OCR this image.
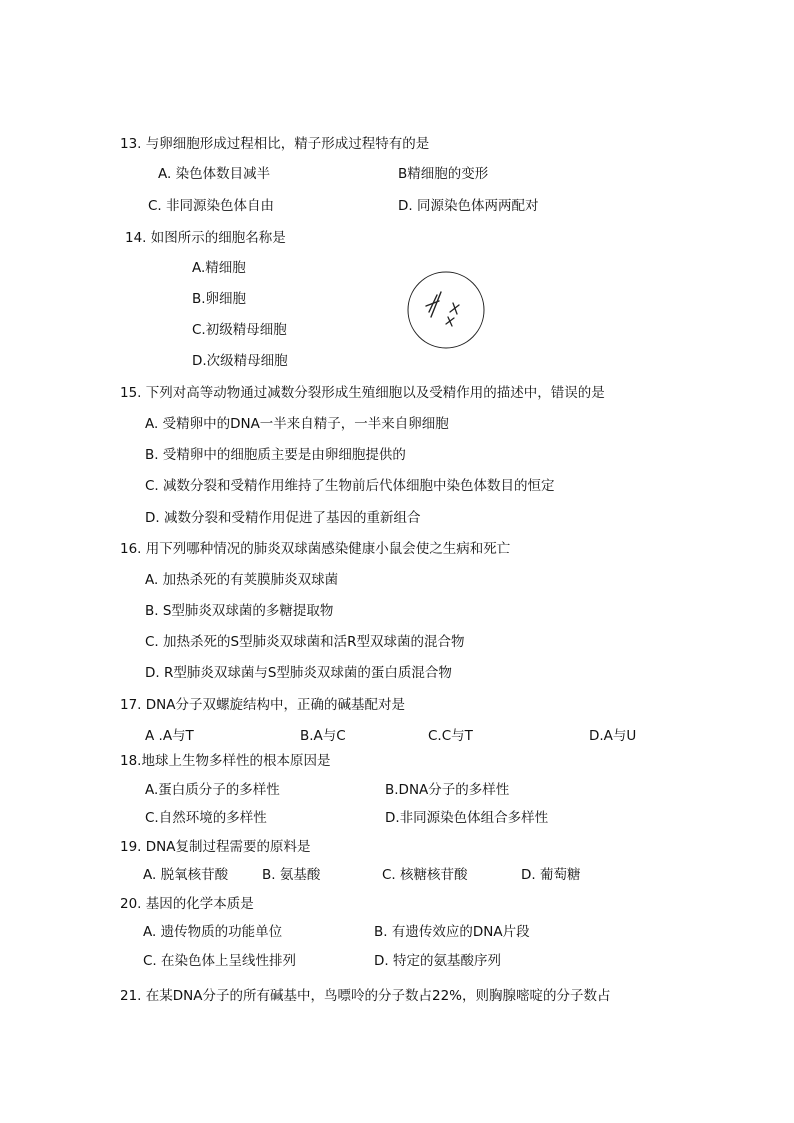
13. 与卵细胞形成过程相比，精子形成过程特有的是
A. 染色体数目减半	B精细胞的变形
C. 非同源染色体自由	D. 同源染色体两两配对
14. 如图所示的细胞名称是
A.精细胞
B.卵细胞
C.初级精母细胞
D.次级精母细胞
15. 下列对高等动物通过减数分裂形成生殖细胞以及受精作用的描述中，错误的是
A. 受精卵中的DNA一半来自精子，一半来自卵细胞
B. 受精卵中的细胞质主要是由卵细胞提供的
C. 减数分裂和受精作用维持了生物前后代体细胞中染色体数目的恒定
D. 减数分裂和受精作用促进了基因的重新组合
16. 用下列哪种情况的肺炎双球菌感染健康小鼠会使之生病和死亡
A. 加热杀死的有荚膜肺炎双球菌
B. S型肺炎双球菌的多糖提取物
C. 加热杀死的S型肺炎双球菌和活R型双球菌的混合物
D. R型肺炎双球菌与S型肺炎双球菌的蛋白质混合物
17. DNA分子双螺旋结构中，正确的碱基配对是
A .A与T	B.A与C	C.C与T	D.A与U
18.地球上生物多样性的根本原因是
A.蛋白质分子的多样性	B.DNA分子的多样性
C.自然环境的多样性	D.非同源染色体组合多样性
19. DNA复制过程需要的原料是
A. 脱氧核苷酸	B. 氨基酸	C. 核糖核苷酸	D. 葡萄糖
20. 基因的化学本质是
A. 遗传物质的功能单位	B. 有遗传效应的DNA片段
C. 在染色体上呈线性排列	D. 特定的氨基酸序列
21. 在某DNA分子的所有碱基中，鸟嘌呤的分子数占22%，则胸腺嘧啶的分子数占
